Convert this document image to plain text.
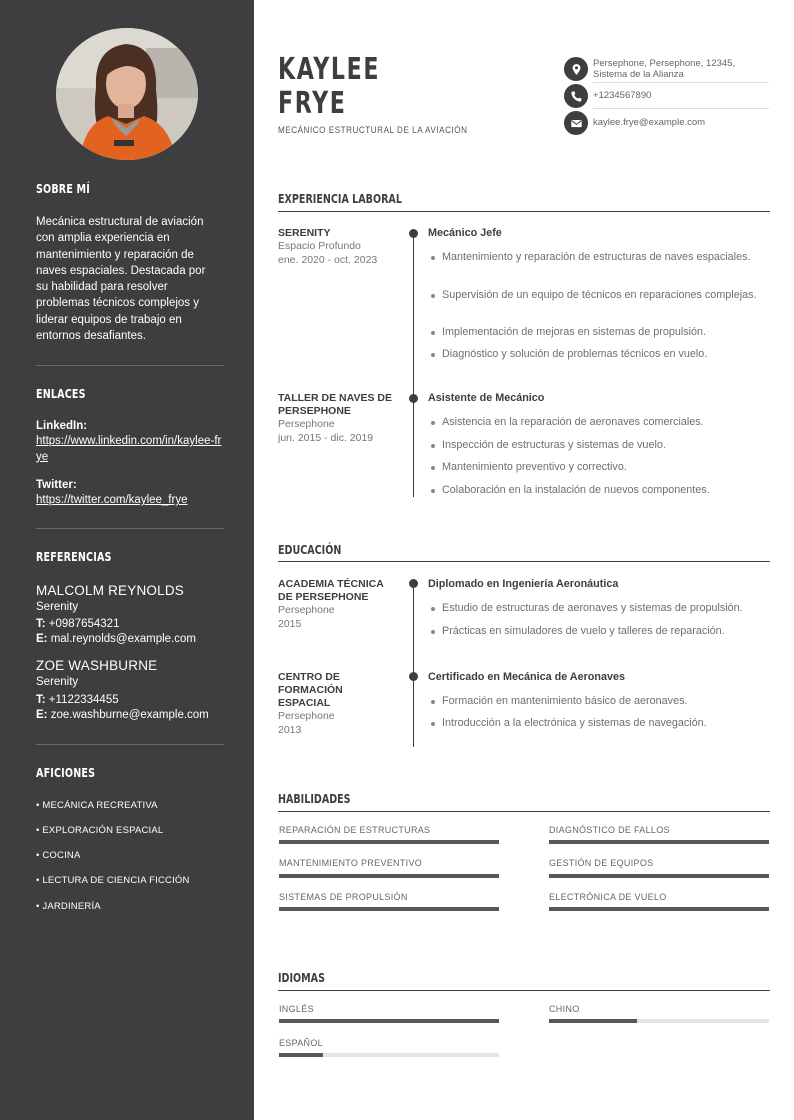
SOBRE MÍ
Mecánica estructural de aviación con amplia experiencia en mantenimiento y reparación de naves espaciales. Destacada por su habilidad para resolver problemas técnicos complejos y liderar equipos de trabajo en entornos desafiantes.
ENLACES
LinkedIn:
https://www.linkedin.com/in/kaylee-frye
Twitter:
https://twitter.com/kaylee_frye
REFERENCIAS
MALCOLM REYNOLDS
Serenity
T: +0987654321
E: mal.reynolds@example.com
ZOE WASHBURNE
Serenity
T: +1122334455
E: zoe.washburne@example.com
AFICIONES
• MECÁNICA RECREATIVA
• EXPLORACIÓN ESPACIAL
• COCINA
• LECTURA DE CIENCIA FICCIÓN
• JARDINERÍA
KAYLEE
FRYE
MECÁNICO ESTRUCTURAL DE LA AVIACIÓN
Persephone, Persephone, 12345, Sistema de la Alianza
+1234567890
kaylee.frye@example.com
EXPERIENCIA LABORAL
SERENITY
Espacio Profundo
ene. 2020 - oct. 2023
Mecánico Jefe
Mantenimiento y reparación de estructuras de naves espaciales.
Supervisión de un equipo de técnicos en reparaciones complejas.
Implementación de mejoras en sistemas de propulsión.
Diagnóstico y solución de problemas técnicos en vuelo.
TALLER DE NAVES DE PERSEPHONE
Persephone
jun. 2015 - dic. 2019
Asistente de Mecánico
Asistencia en la reparación de aeronaves comerciales.
Inspección de estructuras y sistemas de vuelo.
Mantenimiento preventivo y correctivo.
Colaboración en la instalación de nuevos componentes.
EDUCACIÓN
ACADEMIA TÉCNICA DE PERSEPHONE
Persephone
2015
Diplomado en Ingeniería Aeronáutica
Estudio de estructuras de aeronaves y sistemas de propulsión.
Prácticas en simuladores de vuelo y talleres de reparación.
CENTRO DE FORMACIÓN ESPACIAL
Persephone
2013
Certificado en Mecánica de Aeronaves
Formación en mantenimiento básico de aeronaves.
Introducción a la electrónica y sistemas de navegación.
HABILIDADES
REPARACIÓN DE ESTRUCTURAS	DIAGNÓSTICO DE FALLOS
MANTENIMIENTO PREVENTIVO	GESTIÓN DE EQUIPOS
SISTEMAS DE PROPULSIÓN	ELECTRÓNICA DE VUELO
IDIOMAS
INGLÉS	CHINO
ESPAÑOL
